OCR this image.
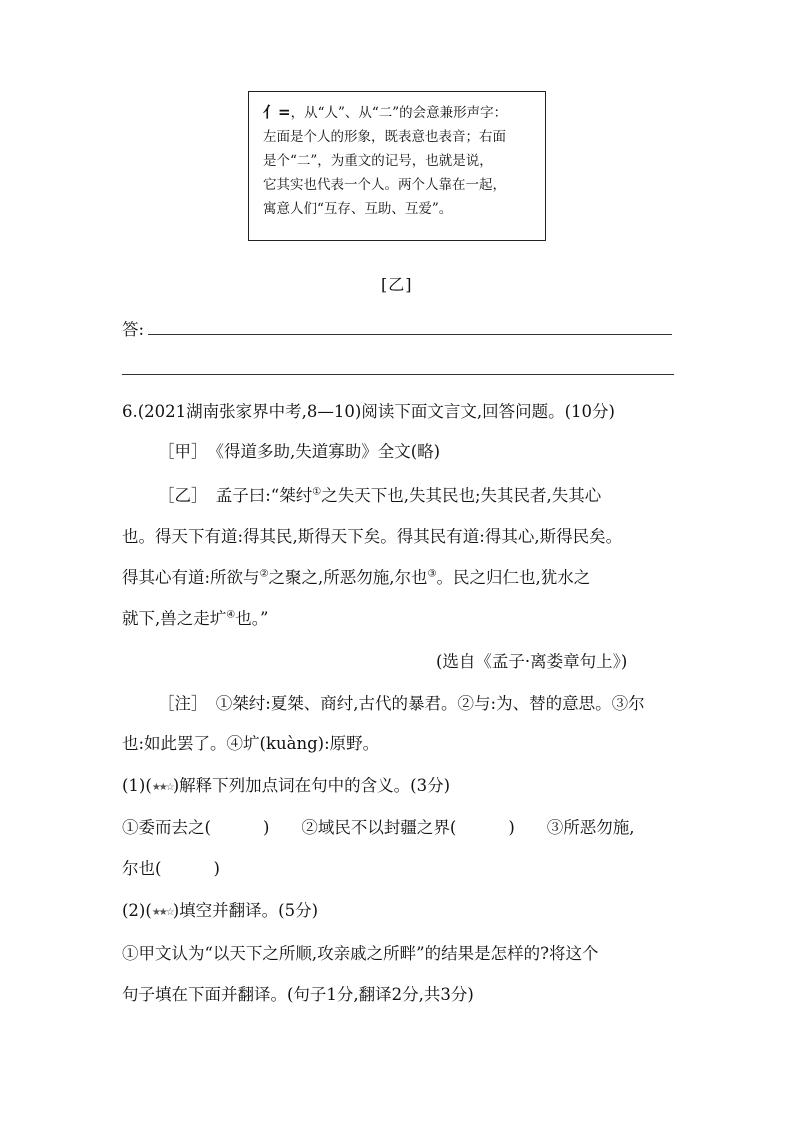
亻=，从“人”、从“二”的会意兼形声字：

左面是个人的形象，既表意也表音；右面

是个“二”，为重文的记号，也就是说，

它其实也代表一个人。两个人靠在一起，

寓意人们“互存、互助、互爱”。

[乙]
答:
6.(2021湖南张家界中考,8—10)阅读下面文言文,回答问题。(10分)
［甲］　《得道多助,失道寡助》全文(略)
［乙］　 孟子曰:“桀纣①之失天下也,失其民也;失其民者,失其心
也。得天下有道:得其民,斯得天下矣。得其民有道:得其心,斯得民矣。
得其心有道:所欲与②之聚之,所恶勿施,尔也③。民之归仁也,犹水之
就下,兽之走圹④也。”
(选自《孟子·离娄章句上》)
［注］　①桀纣:夏桀、商纣,古代的暴君。②与:为、替的意思。③尔
也:如此罢了。④圹(kuàng):原野。
(1)(★★☆)解释下列加点词在句中的含义。(3分)
①委而去之(	) ②域民不以封疆之界(	) ③所恶勿施,
尔也(	)
(2)(★★☆)填空并翻译。(5分)
①甲文认为“以天下之所顺,攻亲戚之所畔”的结果是怎样的?将这个
句子填在下面并翻译。(句子1分,翻译2分,共3分)
